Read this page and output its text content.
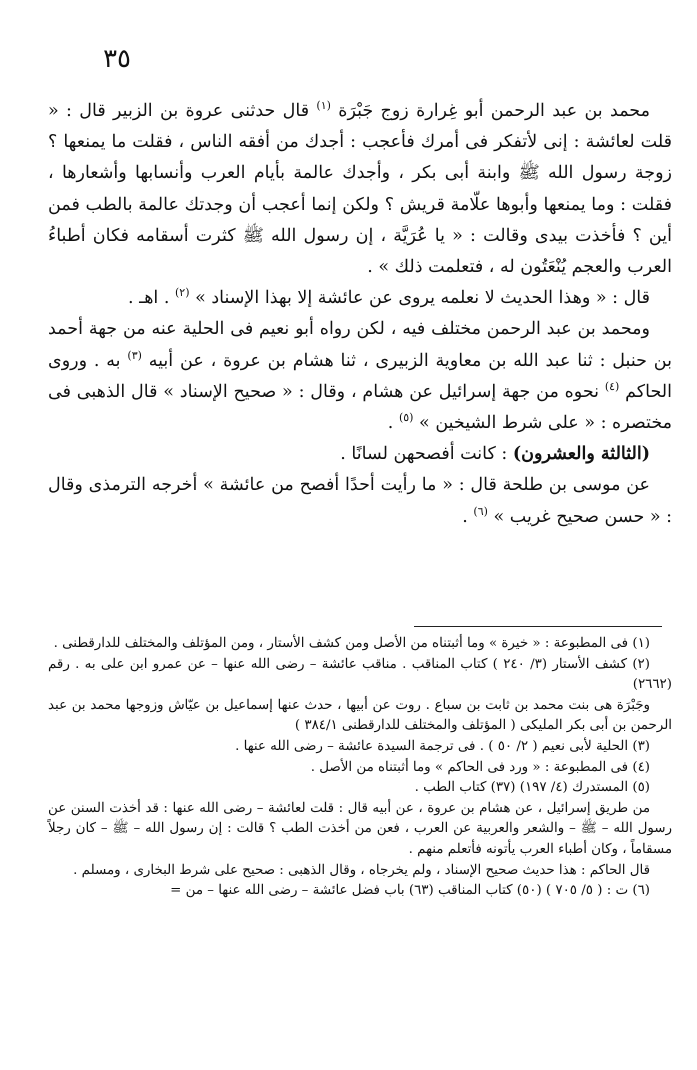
٣٥

محمد بن عبد الرحمن أبو غِرارة زوج جَبْرَة $^{(١)}$ قال حدثنى عروة بن الزبير قال : « قلت لعائشة : إنى لأتفكر فى أمرك فأعجب : أجدك من أفقه الناس ، فقلت ما يمنعها ؟ زوجة رسول الله ﷺ وابنة أبى بكر ، وأجدك عالمة بأيام العرب وأنسابها وأشعارها ، فقلت : وما يمنعها وأبوها علّامة قريش ؟ ولكن إنما أعجب أن وجدتك عالمة بالطب فمن أين ؟ فأخذت بيدى وقالت : « يا عُرَيَّة ، إن رسول الله ﷺ كثرت أسقامه فكان أطباءُ العرب والعجم يُنْعَتُون له ، فتعلمت ذلك » .

قال : « وهذا الحديث لا نعلمه يروى عن عائشة إلا بهذا الإسناد » $^{(٢)}$ . اهـ .

ومحمد بن عبد الرحمن مختلف فيه ، لكن رواه أبو نعيم فى الحلية عنه من جهة أحمد بن حنبل : ثنا عبد الله بن معاوية الزبيرى ، ثنا هشام بن عروة ، عن أبيه $^{(٣)}$ به . وروى الحاكم $^{(٤)}$ نحوه من جهة إسرائيل عن هشام ، وقال : « صحيح الإسناد » قال الذهبى فى مختصره : « على شرط الشيخين » $^{(٥)}$ .

(الثالثة والعشرون) : كانت أفصحهن لسانًا .

عن موسى بن طلحة قال : « ما رأيت أحدًا أفصح من عائشة » أخرجه الترمذى وقال : « حسن صحيح غريب » $^{(٦)}$ .

(١) فى المطبوعة : « خيرة » وما أثبتناه من الأصل ومن كشف الأستار ، ومن المؤتلف والمختلف للدارقطنى .

(٢) كشف الأستار (٣/ ٢٤٠ ) كتاب المناقب . مناقب عائشة – رضى الله عنها – عن عمرو ابن على به . رقم (٢٦٦٢)

وجَبْرَة هى بنت محمد بن ثابت بن سباع . روت عن أبيها ، حدث عنها إسماعيل بن عيّاش وزوجها محمد بن عبد الرحمن بن أبى بكر المليكى ( المؤتلف والمختلف للدارقطنى ٣٨٤/١ )

(٣) الحلية لأبى نعيم ( ٢/ ٥٠ ) . فى ترجمة السيدة عائشة – رضى الله عنها .

(٤) فى المطبوعة : « ورد فى الحاكم » وما أثبتناه من الأصل .

(٥) المستدرك (٤/ ١٩٧) (٣٧) كتاب الطب .

من طريق إسرائيل ، عن هشام بن عروة ، عن أبيه قال : قلت لعائشة – رضى الله عنها : قد أخذت السنن عن رسول الله – ﷺ – والشعر والعربية عن العرب ، فعن من أخذت الطب ؟ قالت : إن رسول الله – ﷺ – كان رجلاً مسقاماً ، وكان أطباء العرب يأتونه فأتعلم منهم .

قال الحاكم : هذا حديث صحيح الإسناد ، ولم يخرجاه ، وقال الذهبى : صحيح على شرط البخارى ، ومسلم .

(٦) ت : ( ٥/ ٧٠٥ ) (٥٠) كتاب المناقب (٦٣) باب فضل عائشة – رضى الله عنها – من =
